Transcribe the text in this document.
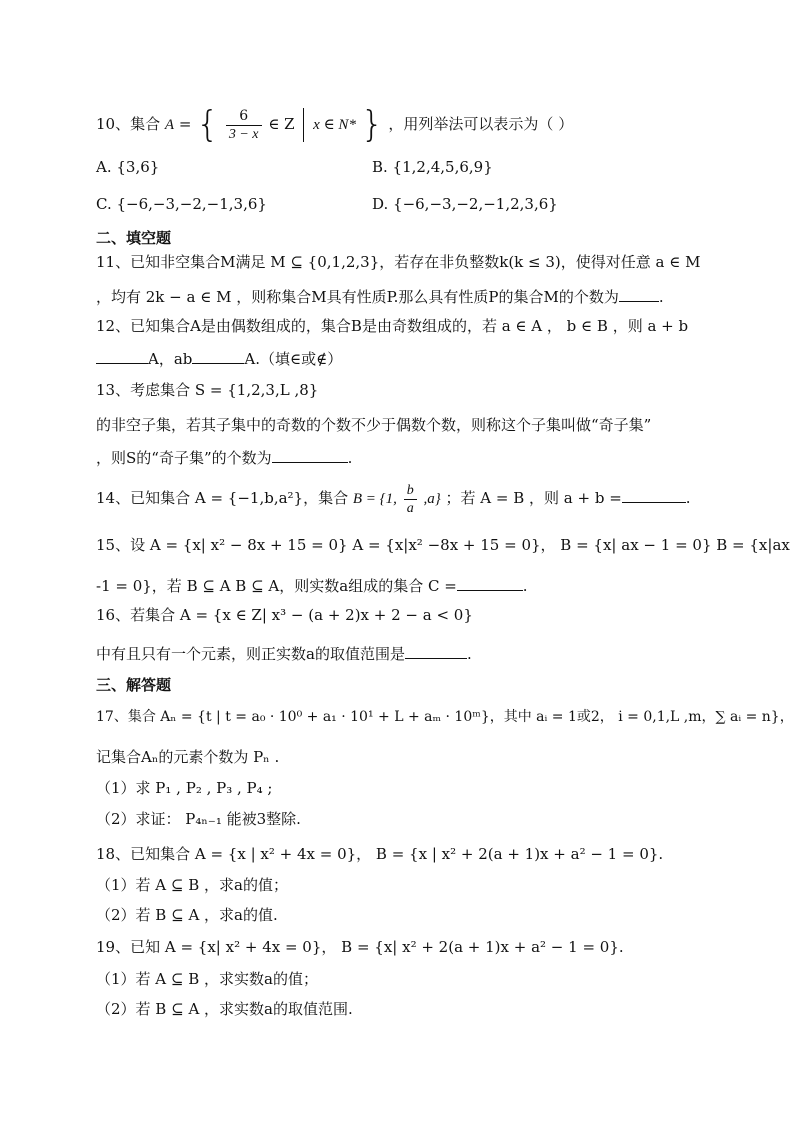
10、集合 A = { $\frac{6}{3 - x}$ ∈ Z x ∈ N* } ，用列举法可以表示为（ ）
A. {3,6}	B. {1,2,4,5,6,9}
C. {−6,−3,−2,−1,3,6}	D. {−6,−3,−2,−1,2,3,6}
二、填空题
11、已知非空集合M满足 M ⊆ {0,1,2,3}，若存在非负整数k(k ≤ 3)，使得对任意 a ∈ M
，均有 2k − a ∈ M ，则称集合M具有性质P.那么具有性质P的集合M的个数为	.
12、已知集合A是由偶数组成的，集合B是由奇数组成的，若 a ∈ A ， b ∈ B ，则 a + b
A，ab	A.（填∈或∉）
13、考虑集合 S = {1,2,3,L ,8}
的非空子集，若其子集中的奇数的个数不少于偶数个数，则称这个子集叫做“奇子集”
，则S的“奇子集”的个数为	.
14、已知集合 A = {−1,b,a²}，集合 B = {1, $\frac{b}{a} ,a$} ；若 A = B ，则 a + b =	.
15、设 A = {x| x² − 8x + 15 = 0} A = {x|x² −8x + 15 = 0}， B = {x| ax − 1 = 0} B = {x|ax
-1 = 0}，若 B ⊆ A B ⊆ A，则实数a组成的集合 C =	.
16、若集合 A = {x ∈ Z| x³ − (a + 2)x + 2 − a < 0}
中有且只有一个元素，则正实数a的取值范围是	.
三、解答题
17、集合 Aₙ = {t | t = a₀ · 10⁰ + a₁ · 10¹ + L + aₘ · 10ᵐ}，其中 aᵢ = 1或2， i = 0,1,L ,m，∑ aᵢ = n}，
记集合Aₙ的元素个数为 Pₙ .
（1）求 P₁ , P₂ , P₃ , P₄ ;
（2）求证： P₄ₙ₋₁ 能被3整除.
18、已知集合 A = {x | x² + 4x = 0}， B = {x | x² + 2(a + 1)x + a² − 1 = 0}.
（1）若 A ⊆ B ，求a的值；
（2）若 B ⊆ A ，求a的值.
19、已知 A = {x| x² + 4x = 0}， B = {x| x² + 2(a + 1)x + a² − 1 = 0}.
（1）若 A ⊆ B ，求实数a的值；
（2）若 B ⊆ A ，求实数a的取值范围.
